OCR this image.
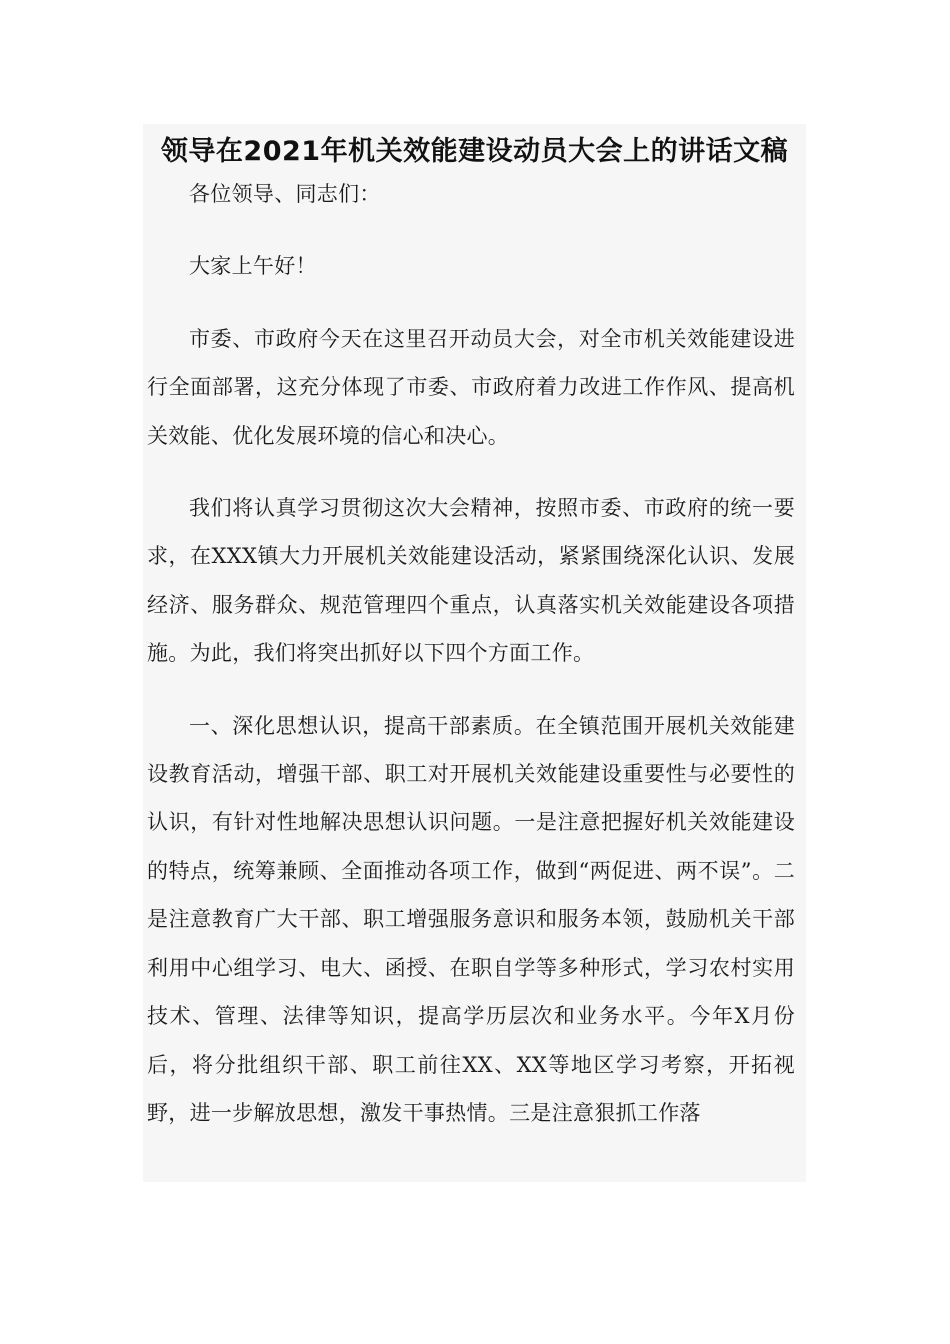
领导在2021年机关效能建设动员大会上的讲话文稿

各位领导、同志们：

大家上午好！

市委、市政府今天在这里召开动员大会，对全市机关效能建设进行全面部署，这充分体现了市委、市政府着力改进工作作风、提高机关效能、优化发展环境的信心和决心。

我们将认真学习贯彻这次大会精神，按照市委、市政府的统一要求，在XXX镇大力开展机关效能建设活动，紧紧围绕深化认识、发展经济、服务群众、规范管理四个重点，认真落实机关效能建设各项措施。为此，我们将突出抓好以下四个方面工作。

一、深化思想认识，提高干部素质。在全镇范围开展机关效能建设教育活动，增强干部、职工对开展机关效能建设重要性与必要性的认识，有针对性地解决思想认识问题。一是注意把握好机关效能建设的特点，统筹兼顾、全面推动各项工作，做到“两促进、两不误”。二是注意教育广大干部、职工增强服务意识和服务本领，鼓励机关干部利用中心组学习、电大、函授、在职自学等多种形式，学习农村实用技术、管理、法律等知识，提高学历层次和业务水平。今年X月份后，将分批组织干部、职工前往XX、XX等地区学习考察，开拓视野，进一步解放思想，激发干事热情。三是注意狠抓工作落
